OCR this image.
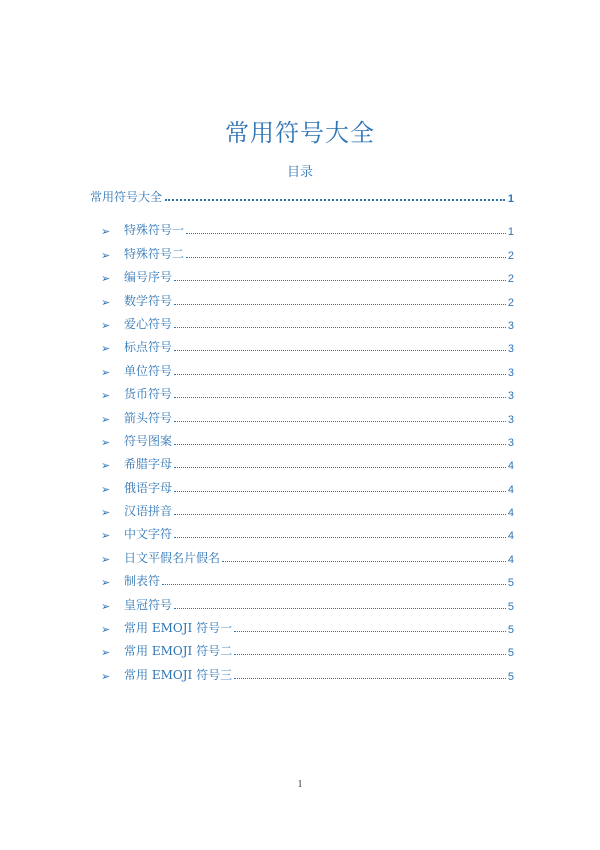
常用符号大全
目录
常用符号大全	1
➢	特殊符号一	1
➢	特殊符号二	2
➢	编号序号	2
➢	数学符号	2
➢	爱心符号	3
➢	标点符号	3
➢	单位符号	3
➢	货币符号	3
➢	箭头符号	3
➢	符号图案	3
➢	希腊字母	4
➢	俄语字母	4
➢	汉语拼音	4
➢	中文字符	4
➢	日文平假名片假名	4
➢	制表符	5
➢	皇冠符号	5
➢	常用 EMOJI 符号一	5
➢	常用 EMOJI 符号二	5
➢	常用 EMOJI 符号三	5
1
